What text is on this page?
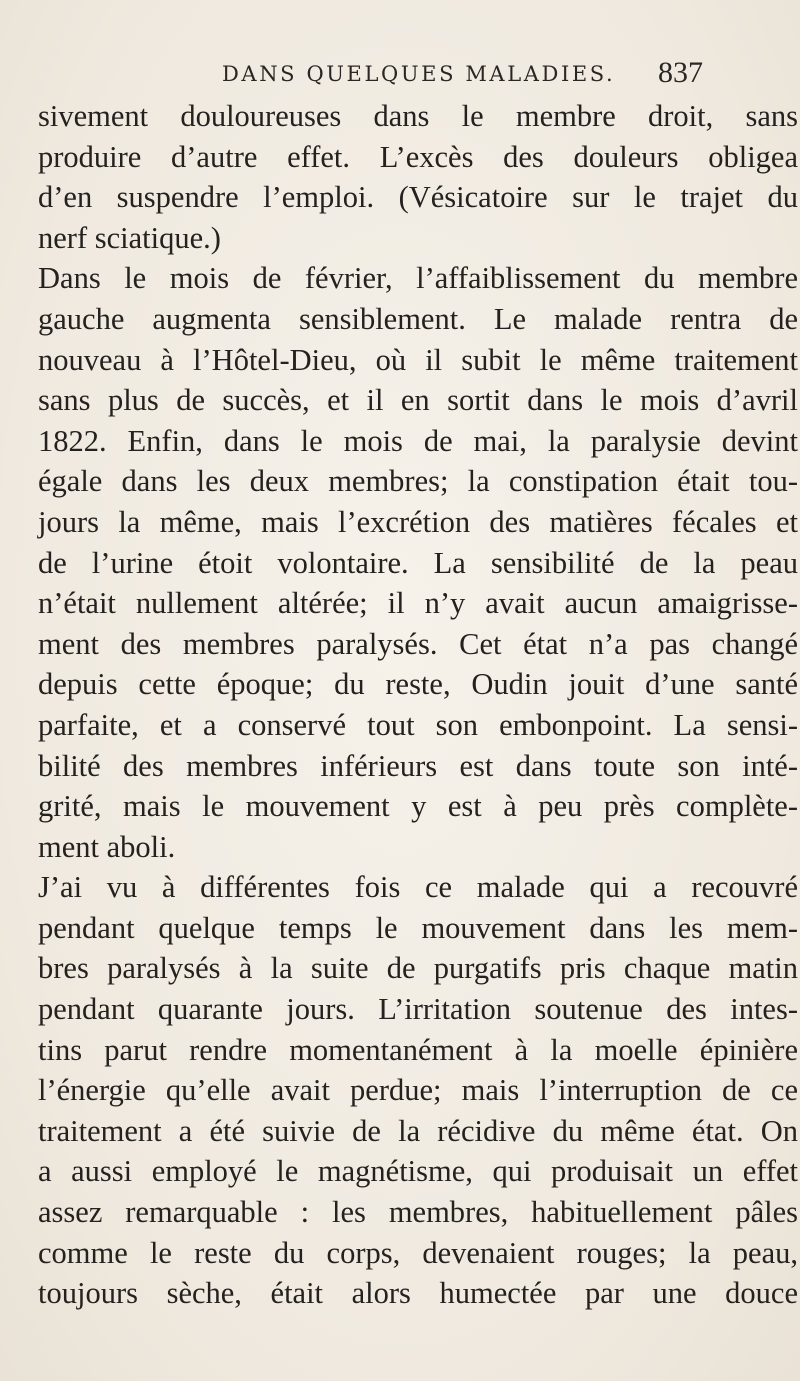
DANS QUELQUES MALADIES. 837
sivement douloureuses dans le membre droit, sans
produire d’autre effet. L’excès des douleurs obligea
d’en suspendre l’emploi. (Vésicatoire sur le trajet du
nerf sciatique.)
Dans le mois de février, l’affaiblissement du membre
gauche augmenta sensiblement. Le malade rentra de
nouveau à l’Hôtel-Dieu, où il subit le même traitement
sans plus de succès, et il en sortit dans le mois d’avril
1822. Enfin, dans le mois de mai, la paralysie devint
égale dans les deux membres; la constipation était tou-
jours la même, mais l’excrétion des matières fécales et
de l’urine étoit volontaire. La sensibilité de la peau
n’était nullement altérée; il n’y avait aucun amaigrisse-
ment des membres paralysés. Cet état n’a pas changé
depuis cette époque; du reste, Oudin jouit d’une santé
parfaite, et a conservé tout son embonpoint. La sensi-
bilité des membres inférieurs est dans toute son inté-
grité, mais le mouvement y est à peu près complète-
ment aboli.
J’ai vu à différentes fois ce malade qui a recouvré
pendant quelque temps le mouvement dans les mem-
bres paralysés à la suite de purgatifs pris chaque matin
pendant quarante jours. L’irritation soutenue des intes-
tins parut rendre momentanément à la moelle épinière
l’énergie qu’elle avait perdue; mais l’interruption de ce
traitement a été suivie de la récidive du même état. On
a aussi employé le magnétisme, qui produisait un effet
assez remarquable : les membres, habituellement pâles
comme le reste du corps, devenaient rouges; la peau,
toujours sèche, était alors humectée par une douce
